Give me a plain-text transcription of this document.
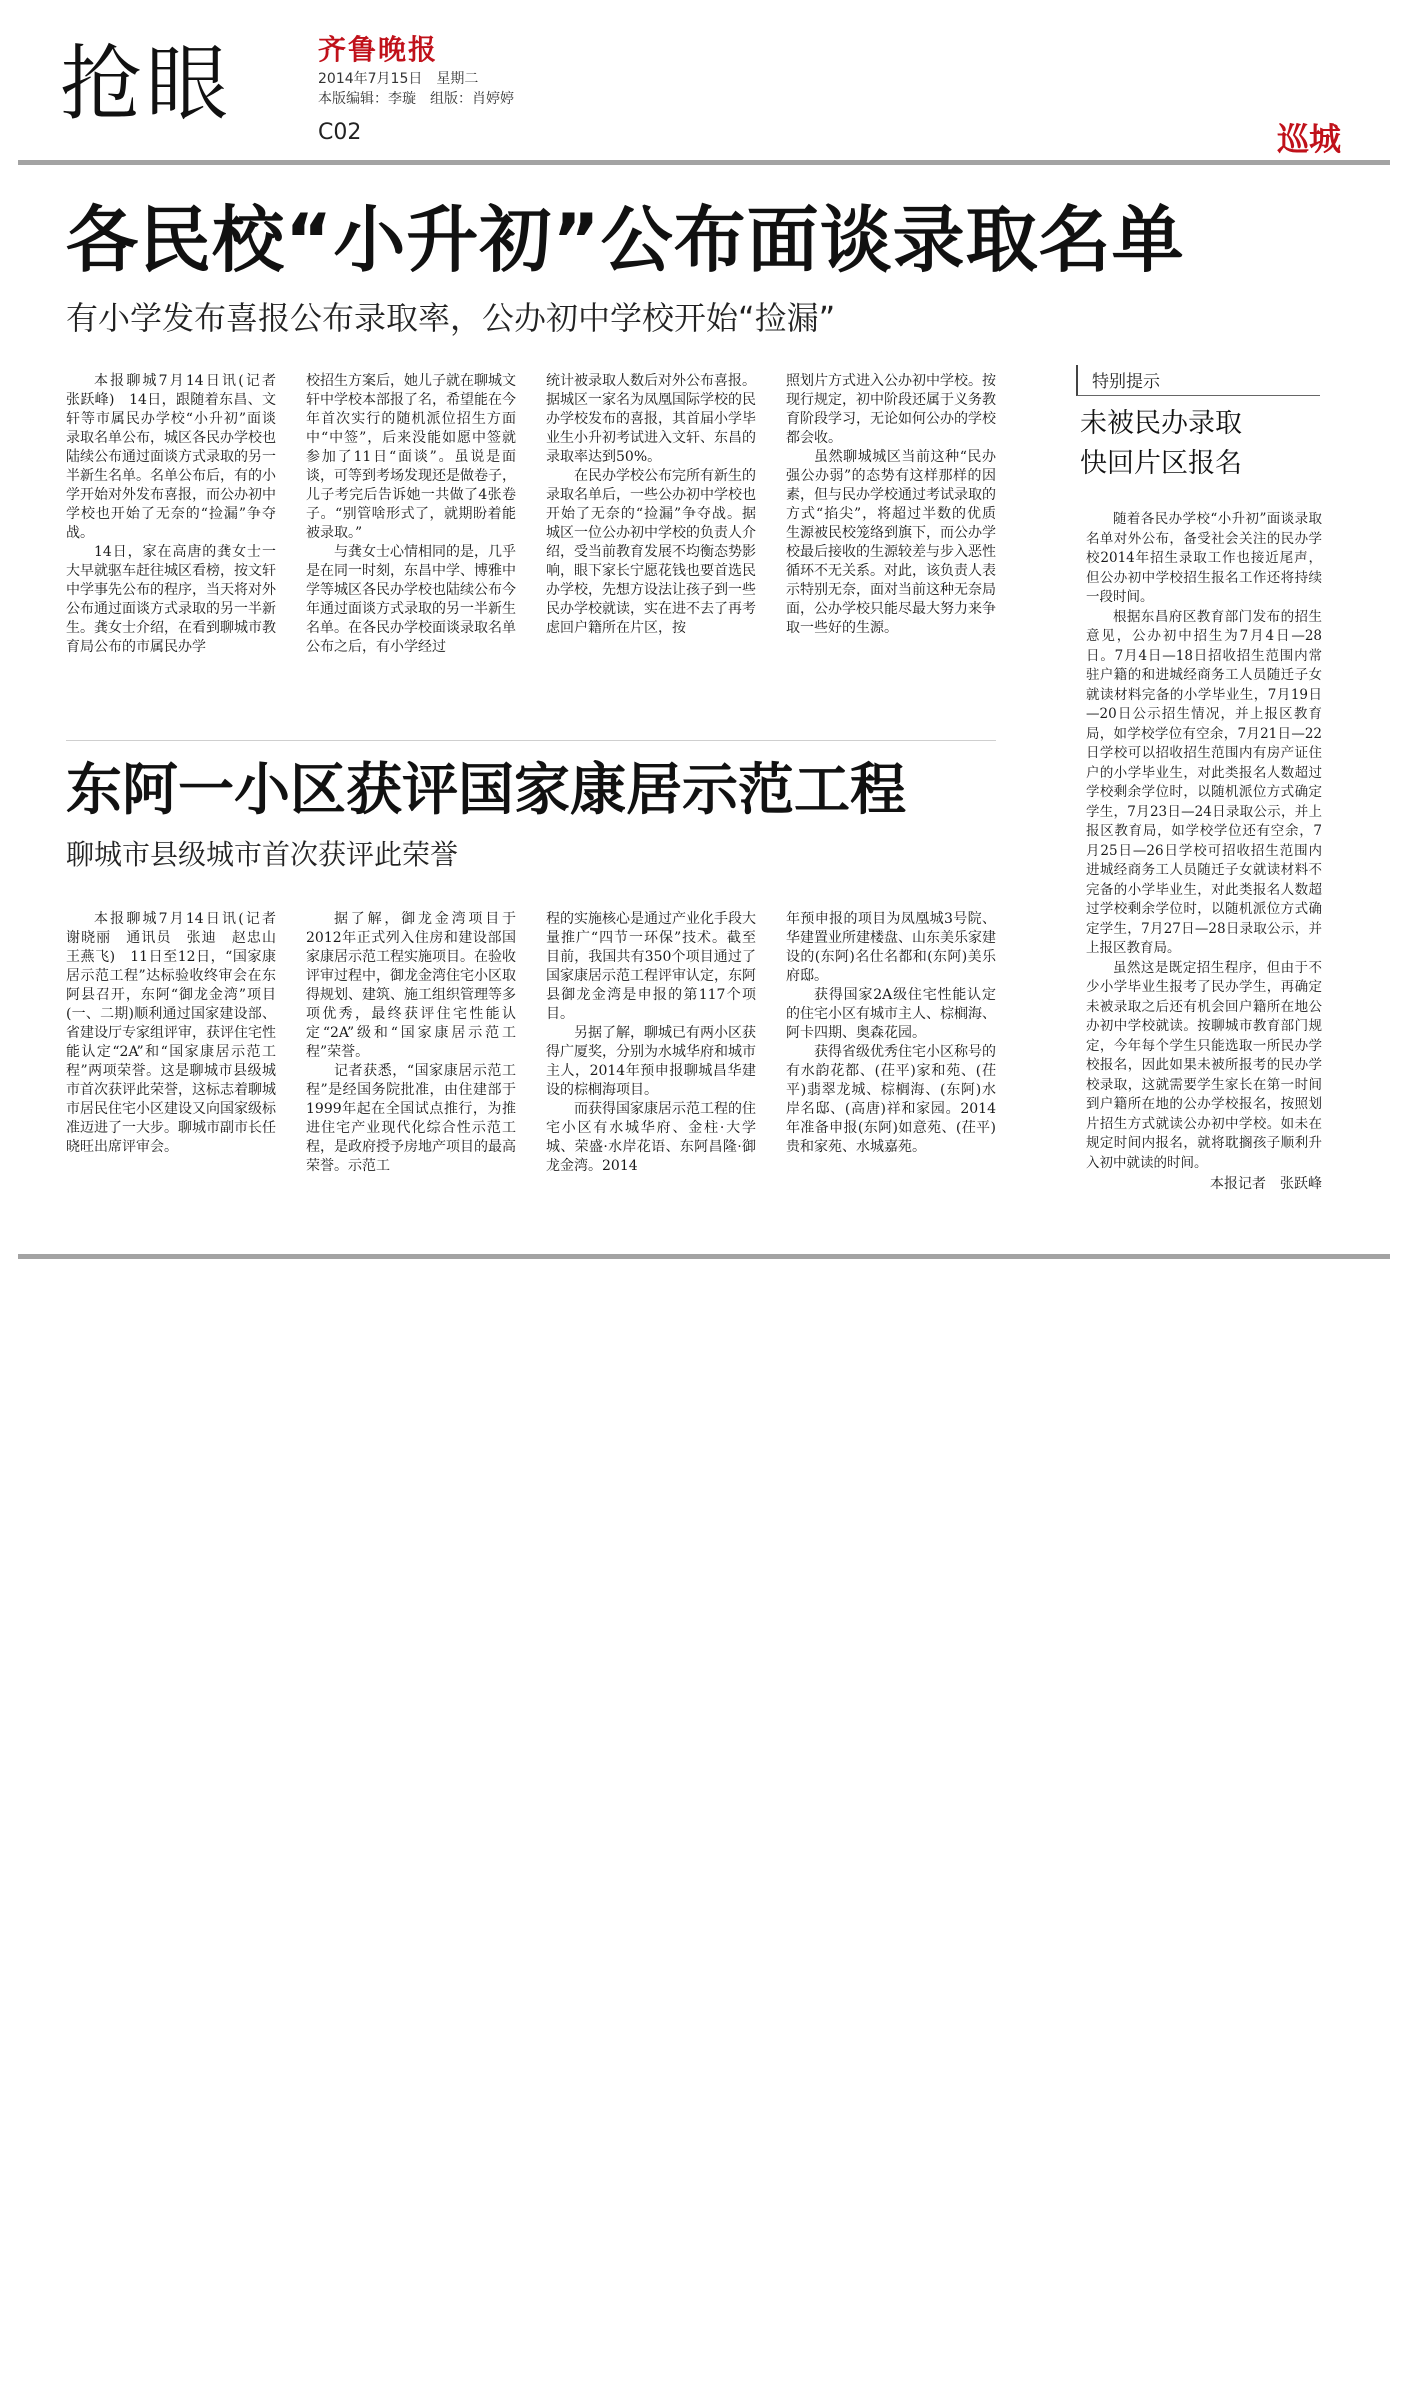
抢眼	齐鲁晚报
2014年7月15日　星期二
本版编辑：李璇　组版：肖婷婷
C02	巡城
各民校“小升初”公布面谈录取名单
有小学发布喜报公布录取率，公办初中学校开始“捡漏”

本报聊城7月14日讯(记者　张跃峰)　14日，跟随着东昌、文轩等市属民办学校“小升初”面谈录取名单公布，城区各民办学校也陆续公布通过面谈方式录取的另一半新生名单。名单公布后，有的小学开始对外发布喜报，而公办初中学校也开始了无奈的“捡漏”争夺战。

14日，家在高唐的龚女士一大早就驱车赶往城区看榜，按文轩中学事先公布的程序，当天将对外公布通过面谈方式录取的另一半新生。龚女士介绍，在看到聊城市教育局公布的市属民办学

校招生方案后，她儿子就在聊城文轩中学校本部报了名，希望能在今年首次实行的随机派位招生方面中“中签”，后来没能如愿中签就参加了11日“面谈”。虽说是面谈，可等到考场发现还是做卷子，儿子考完后告诉她一共做了4张卷子。“别管啥形式了，就期盼着能被录取。”

与龚女士心情相同的是，几乎是在同一时刻，东昌中学、博雅中学等城区各民办学校也陆续公布今年通过面谈方式录取的另一半新生名单。在各民办学校面谈录取名单公布之后，有小学经过

统计被录取人数后对外公布喜报。据城区一家名为凤凰国际学校的民办学校发布的喜报，其首届小学毕业生小升初考试进入文轩、东昌的录取率达到50%。

在民办学校公布完所有新生的录取名单后，一些公办初中学校也开始了无奈的“捡漏”争夺战。据城区一位公办初中学校的负责人介绍，受当前教育发展不均衡态势影响，眼下家长宁愿花钱也要首选民办学校，先想方设法让孩子到一些民办学校就读，实在进不去了再考虑回户籍所在片区，按

照划片方式进入公办初中学校。按现行规定，初中阶段还属于义务教育阶段学习，无论如何公办的学校都会收。

虽然聊城城区当前这种“民办强公办弱”的态势有这样那样的因素，但与民办学校通过考试录取的方式“掐尖”，将超过半数的优质生源被民校笼络到旗下，而公办学校最后接收的生源较差与步入恶性循环不无关系。对此，该负责人表示特别无奈，面对当前这种无奈局面，公办学校只能尽最大努力来争取一些好的生源。

东阿一小区获评国家康居示范工程
聊城市县级城市首次获评此荣誉

本报聊城7月14日讯(记者　谢晓丽　通讯员　张迪　赵忠山　王燕飞)　11日至12日，“国家康居示范工程”达标验收终审会在东阿县召开，东阿“御龙金湾”项目(一、二期)顺利通过国家建设部、省建设厅专家组评审，获评住宅性能认定“2A”和“国家康居示范工程”两项荣誉。这是聊城市县级城市首次获评此荣誉，这标志着聊城市居民住宅小区建设又向国家级标准迈进了一大步。聊城市副市长任晓旺出席评审会。

据了解，御龙金湾项目于2012年正式列入住房和建设部国家康居示范工程实施项目。在验收评审过程中，御龙金湾住宅小区取得规划、建筑、施工组织管理等多项优秀，最终获评住宅性能认定“2A”级和“国家康居示范工程”荣誉。

记者获悉，“国家康居示范工程”是经国务院批准，由住建部于1999年起在全国试点推行，为推进住宅产业现代化综合性示范工程，是政府授予房地产项目的最高荣誉。示范工

程的实施核心是通过产业化手段大量推广“四节一环保”技术。截至目前，我国共有350个项目通过了国家康居示范工程评审认定，东阿县御龙金湾是申报的第117个项目。

另据了解，聊城已有两小区获得广厦奖，分别为水城华府和城市主人，2014年预申报聊城昌华建设的棕榈海项目。

而获得国家康居示范工程的住宅小区有水城华府、金柱·大学城、荣盛·水岸花语、东阿昌隆·御龙金湾。2014

年预申报的项目为凤凰城3号院、华建置业所建楼盘、山东美乐家建设的(东阿)名仕名都和(东阿)美乐府邸。

获得国家2A级住宅性能认定的住宅小区有城市主人、棕榈海、阿卡四期、奥森花园。

获得省级优秀住宅小区称号的有水韵花都、(茌平)家和苑、(茌平)翡翠龙城、棕榈海、(东阿)水岸名邸、(高唐)祥和家园。2014年准备申报(东阿)如意苑、(茌平)贵和家苑、水城嘉苑。

特别提示
未被民办录取
快回片区报名

随着各民办学校“小升初”面谈录取名单对外公布，备受社会关注的民办学校2014年招生录取工作也接近尾声，但公办初中学校招生报名工作还将持续一段时间。

根据东昌府区教育部门发布的招生意见，公办初中招生为7月4日—28日。7月4日—18日招收招生范围内常驻户籍的和进城经商务工人员随迁子女就读材料完备的小学毕业生，7月19日—20日公示招生情况，并上报区教育局，如学校学位有空余，7月21日—22日学校可以招收招生范围内有房产证住户的小学毕业生，对此类报名人数超过学校剩余学位时，以随机派位方式确定学生，7月23日—24日录取公示，并上报区教育局，如学校学位还有空余，7月25日—26日学校可招收招生范围内进城经商务工人员随迁子女就读材料不完备的小学毕业生，对此类报名人数超过学校剩余学位时，以随机派位方式确定学生，7月27日—28日录取公示，并上报区教育局。

虽然这是既定招生程序，但由于不少小学毕业生报考了民办学生，再确定未被录取之后还有机会回户籍所在地公办初中学校就读。按聊城市教育部门规定，今年每个学生只能选取一所民办学校报名，因此如果未被所报考的民办学校录取，这就需要学生家长在第一时间到户籍所在地的公办学校报名，按照划片招生方式就读公办初中学校。如未在规定时间内报名，就将耽搁孩子顺利升入初中就读的时间。

本报记者　张跃峰
